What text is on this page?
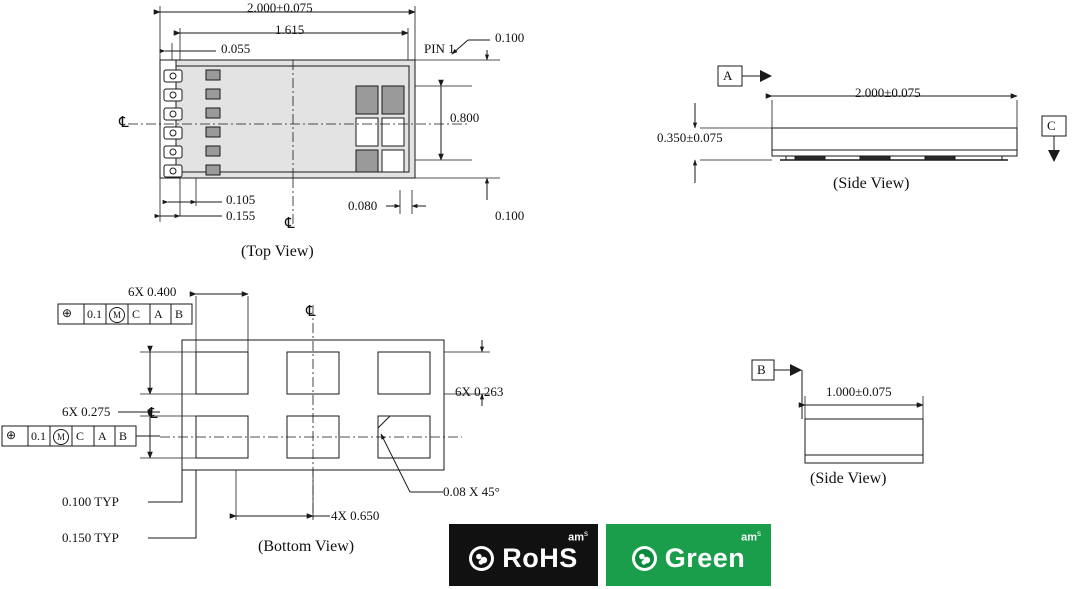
2.000±0.075
1.615
0.055	PIN 1
0.100
0.800
0.100
0.105
0.155
0.080
℄
℄
(Top View)
A
C
2.000±0.075
0.350±0.075
(Side View)
B
1.000±0.075
(Side View)
6X 0.400
⊕ 0.1	M C A B
6X 0.275
⊕ 0.1	M C A B
6X 0.263
4X 0.650
0.100 TYP
0.150 TYP
0.08 X 45°
℄
℄
(Bottom View)
$am^s$
RoHS
$am^s$
Green
